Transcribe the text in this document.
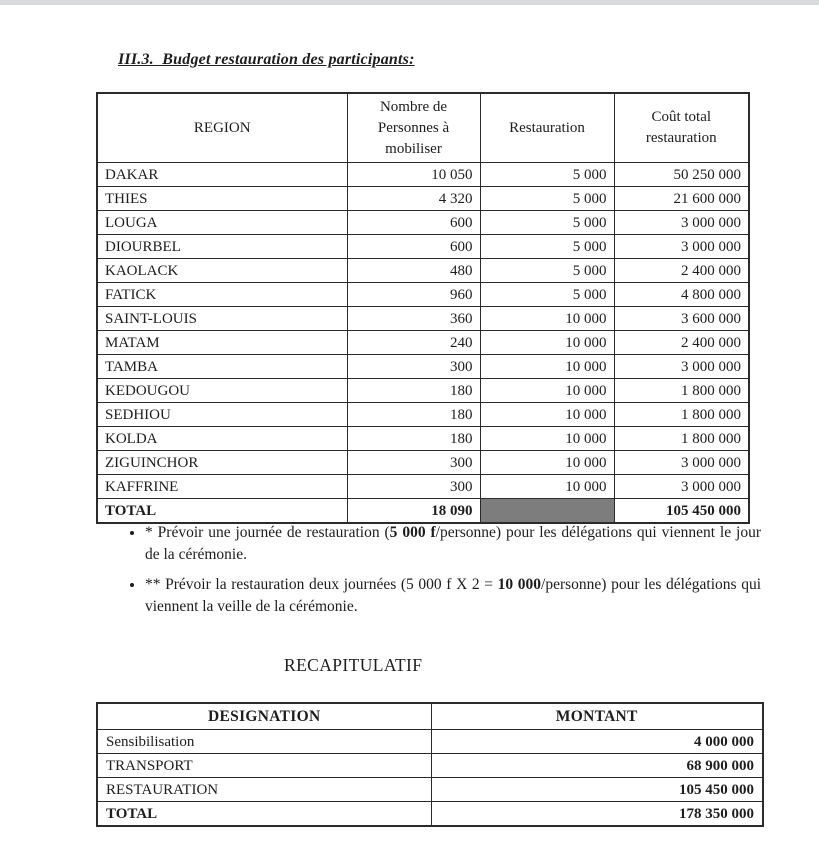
III.3.  Budget restauration des participants:
REGION	Nombre de Personnes à mobiliser	Restauration	Coût total restauration
DAKAR	10 050	5 000	50 250 000
THIES	4 320	5 000	21 600 000
LOUGA	600	5 000	3 000 000
DIOURBEL	600	5 000	3 000 000
KAOLACK	480	5 000	2 400 000
FATICK	960	5 000	4 800 000
SAINT-LOUIS	360	10 000	3 600 000
MATAM	240	10 000	2 400 000
TAMBA	300	10 000	3 000 000
KEDOUGOU	180	10 000	1 800 000
SEDHIOU	180	10 000	1 800 000
KOLDA	180	10 000	1 800 000
ZIGUINCHOR	300	10 000	3 000 000
KAFFRINE	300	10 000	3 000 000
TOTAL	18 090		105 450 000
• * Prévoir une journée de restauration (5 000 f/personne) pour les délégations qui viennent le jour de la cérémonie.
• ** Prévoir la restauration deux journées (5 000 f X 2 = 10 000/personne) pour les délégations qui viennent la veille de la cérémonie.
RECAPITULATIF
DESIGNATION	MONTANT
Sensibilisation	4 000 000
TRANSPORT	68 900 000
RESTAURATION	105 450 000
TOTAL	178 350 000
